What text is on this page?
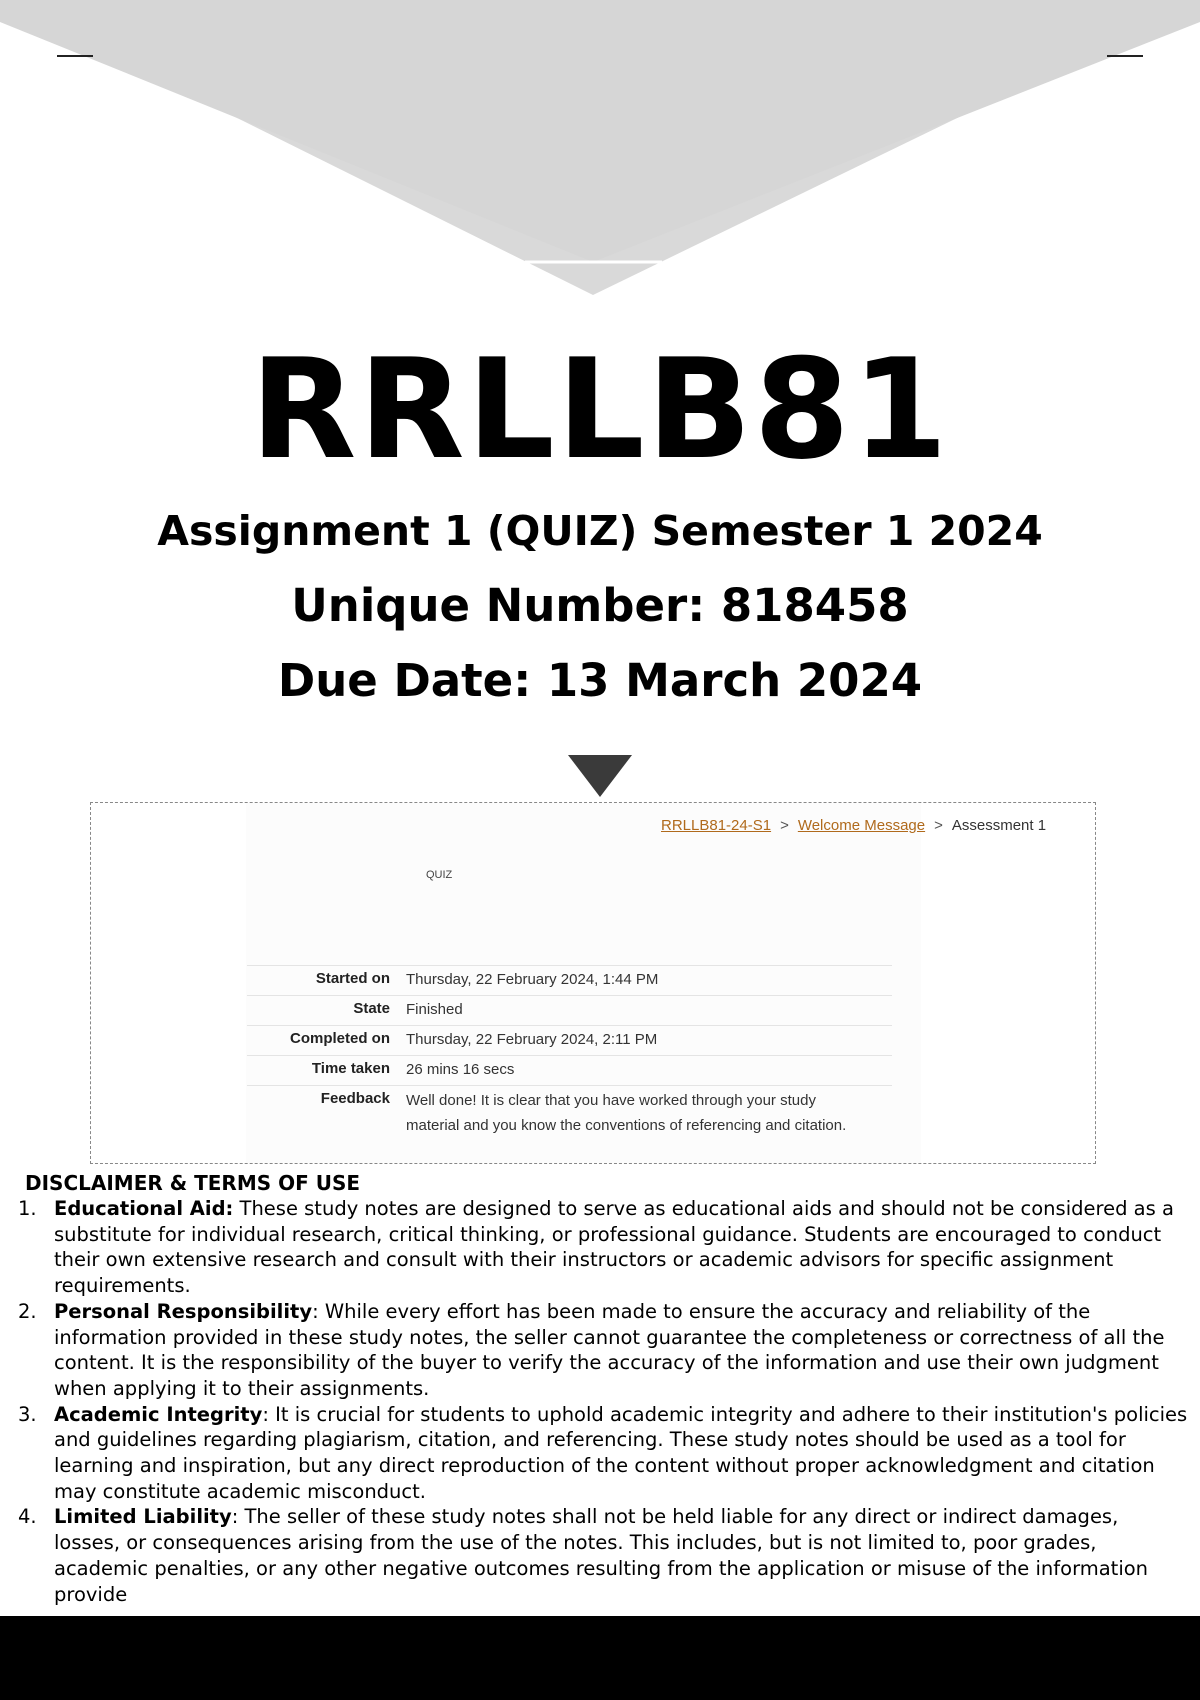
RRLLB81
Assignment 1 (QUIZ) Semester 1 2024
Unique Number: 818458
Due Date: 13 March 2024
RRLLB81-24-S1 > Welcome Message > Assessment 1
QUIZ
Started on	Thursday, 22 February 2024, 1:44 PM
State	Finished
Completed on	Thursday, 22 February 2024, 2:11 PM
Time taken	26 mins 16 secs
Feedback	Well done! It is clear that you have worked through your study material and you know the conventions of referencing and citation.
DISCLAIMER & TERMS OF USE
1. Educational Aid: These study notes are designed to serve as educational aids and should not be considered as a substitute for individual research, critical thinking, or professional guidance. Students are encouraged to conduct their own extensive research and consult with their instructors or academic advisors for specific assignment requirements.
2. Personal Responsibility: While every effort has been made to ensure the accuracy and reliability of the information provided in these study notes, the seller cannot guarantee the completeness or correctness of all the content. It is the responsibility of the buyer to verify the accuracy of the information and use their own judgment when applying it to their assignments.
3. Academic Integrity: It is crucial for students to uphold academic integrity and adhere to their institution's policies and guidelines regarding plagiarism, citation, and referencing. These study notes should be used as a tool for learning and inspiration, but any direct reproduction of the content without proper acknowledgment and citation may constitute academic misconduct.
4. Limited Liability: The seller of these study notes shall not be held liable for any direct or indirect damages, losses, or consequences arising from the use of the notes. This includes, but is not limited to, poor grades, academic penalties, or any other negative outcomes resulting from the application or misuse of the information provide
